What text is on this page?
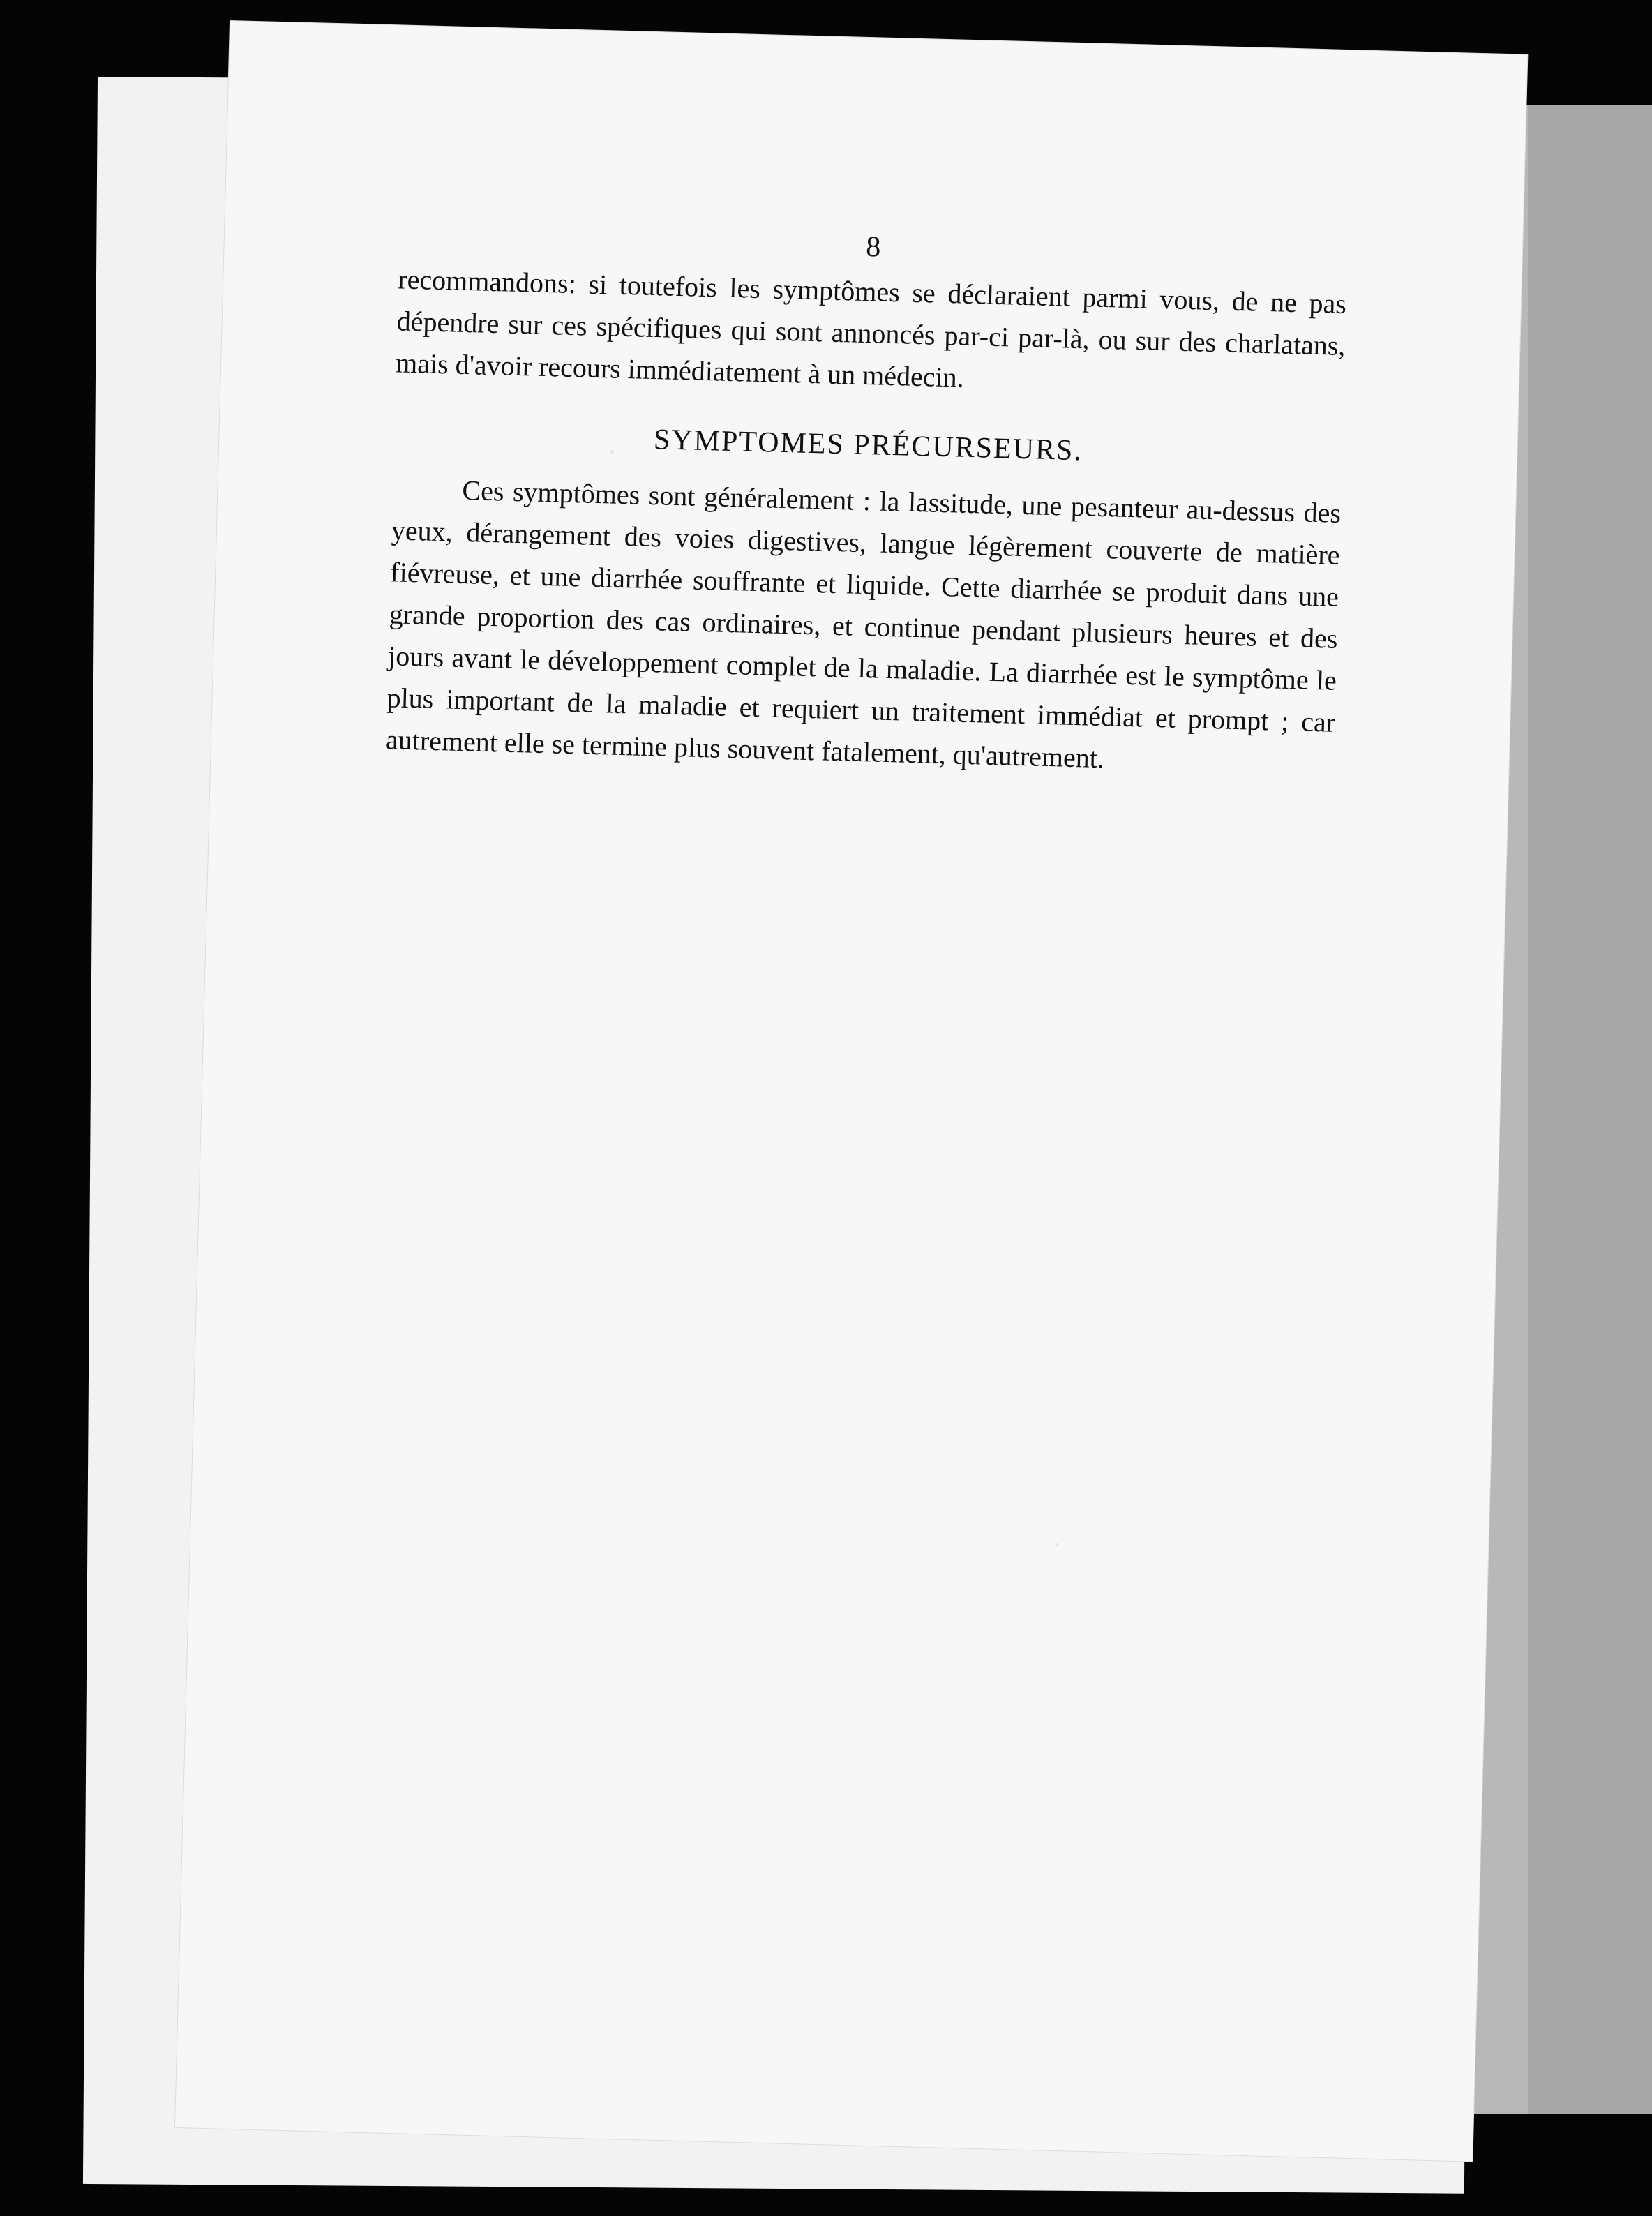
8

recommandons: si toutefois les symptômes se déclaraient parmi vous, de ne pas dépendre sur ces spécifiques qui sont annoncés par-ci par-là, ou sur des charlatans, mais d'avoir recours immédiatement à un médecin.

SYMPTOMES PRÉCURSEURS.

Ces symptômes sont généralement : la lassitude, une pesanteur au-dessus des yeux, dérangement des voies digestives, langue légèrement couverte de matière fiévreuse, et une diarrhée souffrante et liquide. Cette diarrhée se produit dans une grande proportion des cas ordinaires, et continue pendant plusieurs heures et des jours avant le développement complet de la maladie. La diarrhée est le symptôme le plus important de la maladie et requiert un traitement immédiat et prompt ; car autrement elle se termine plus souvent fatalement, qu'autrement.
